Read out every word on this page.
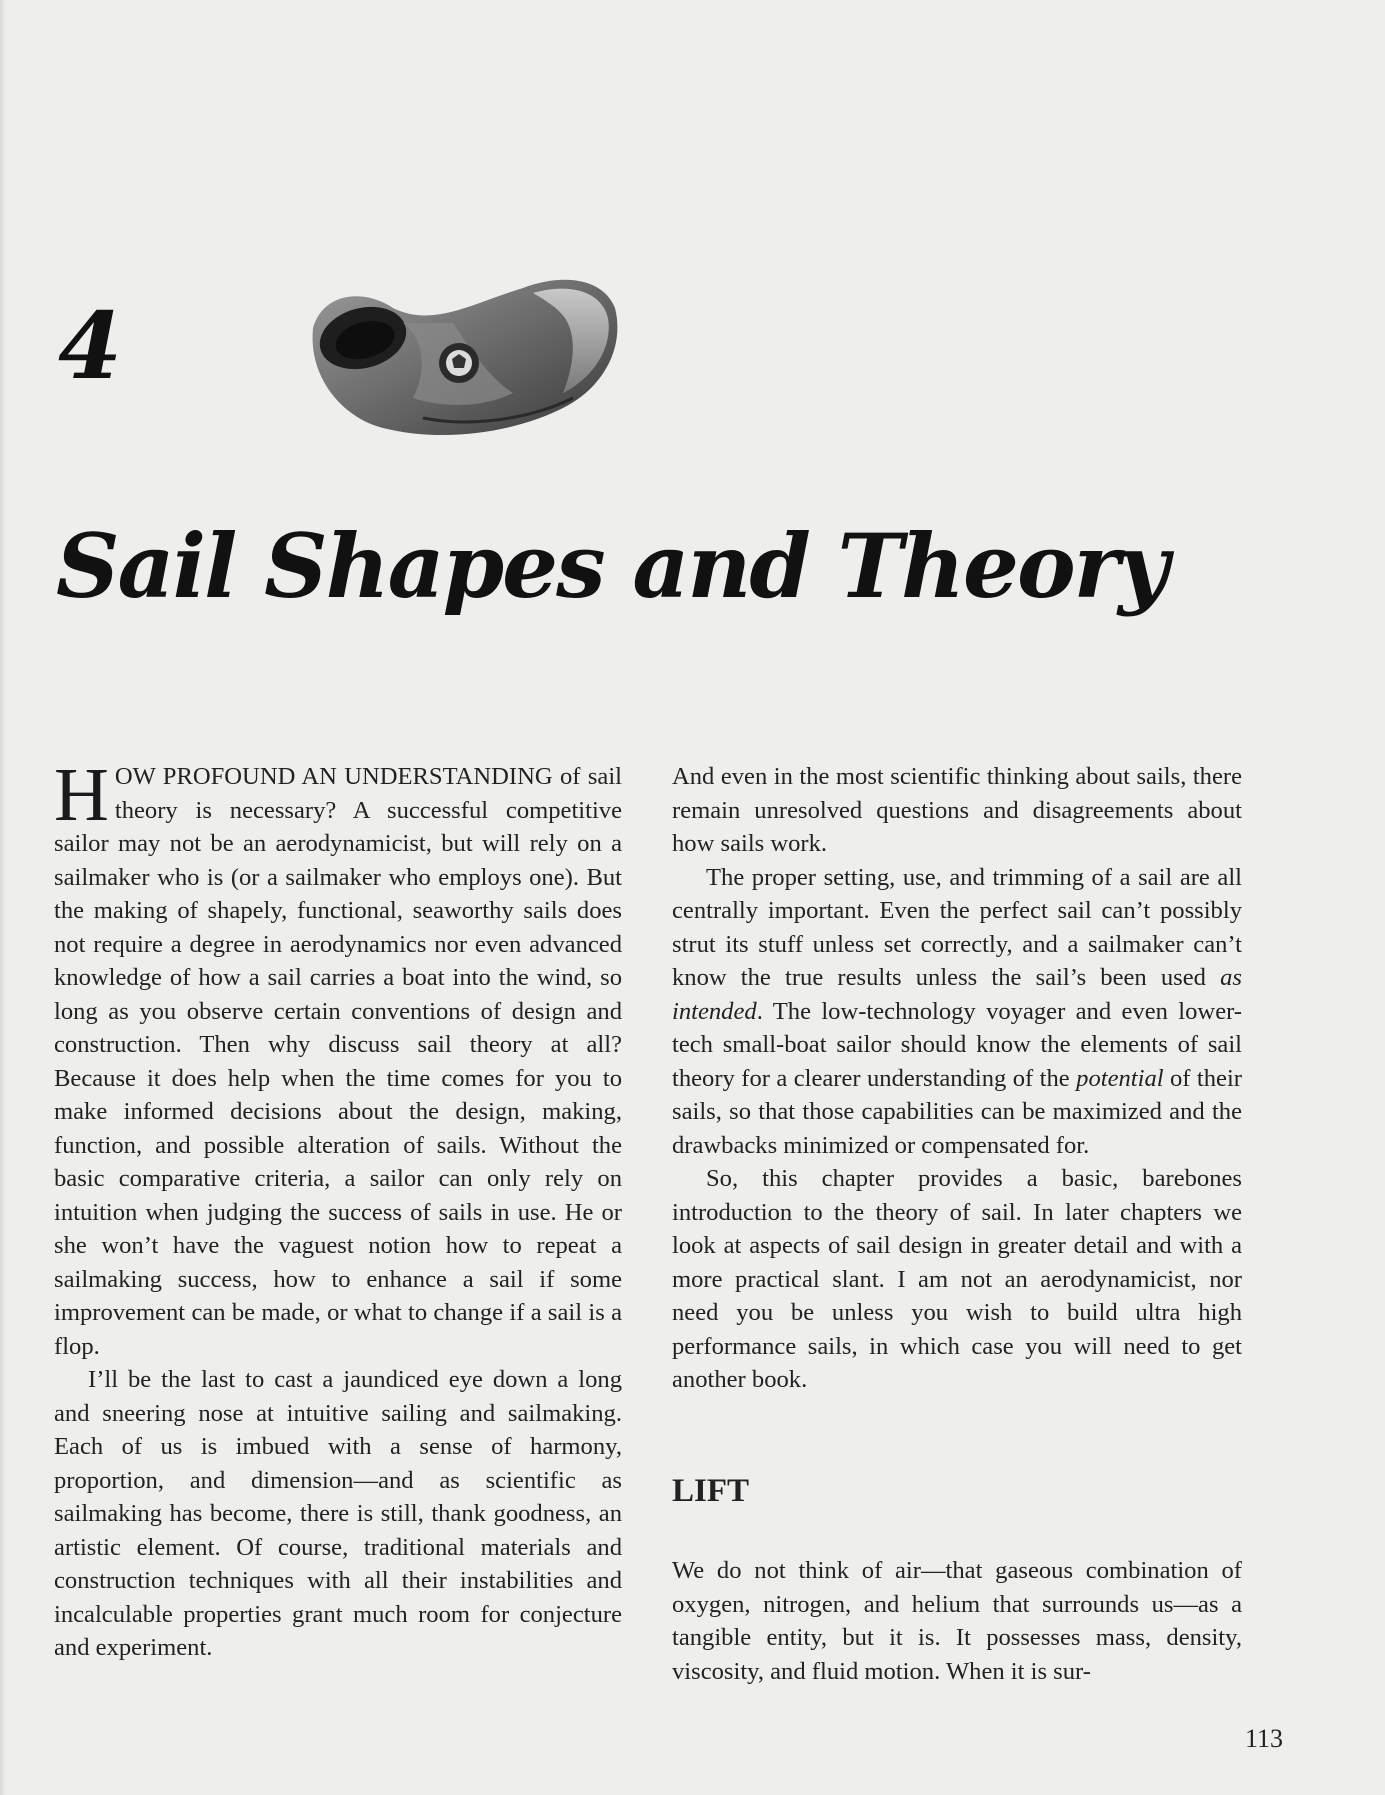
4
Sail Shapes and Theory

HOW PROFOUND AN UNDERSTANDING of sail theory is necessary? A successful competitive sailor may not be an aerodynamicist, but will rely on a sailmaker who is (or a sailmaker who employs one). But the making of shapely, functional, seaworthy sails does not require a degree in aerodynamics nor even advanced knowledge of how a sail carries a boat into the wind, so long as you observe certain conventions of design and construction. Then why discuss sail theory at all? Because it does help when the time comes for you to make informed decisions about the design, making, function, and possible alteration of sails. Without the basic comparative criteria, a sailor can only rely on intuition when judging the success of sails in use. He or she won’t have the vaguest notion how to repeat a sailmaking success, how to enhance a sail if some improvement can be made, or what to change if a sail is a flop.

I’ll be the last to cast a jaundiced eye down a long and sneering nose at intuitive sailing and sailmaking. Each of us is imbued with a sense of harmony, proportion, and dimension—and as scientific as sailmaking has become, there is still, thank goodness, an artistic element. Of course, traditional materials and construction techniques with all their instabilities and incalculable properties grant much room for conjecture and experiment.

And even in the most scientific thinking about sails, there remain unresolved questions and disagreements about how sails work.

The proper setting, use, and trimming of a sail are all centrally important. Even the perfect sail can’t possibly strut its stuff unless set correctly, and a sailmaker can’t know the true results unless the sail’s been used as intended. The low-technology voyager and even lower-tech small-boat sailor should know the elements of sail theory for a clearer understanding of the potential of their sails, so that those capabilities can be maximized and the drawbacks minimized or compensated for.

So, this chapter provides a basic, barebones introduction to the theory of sail. In later chapters we look at aspects of sail design in greater detail and with a more practical slant. I am not an aerodynamicist, nor need you be unless you wish to build ultra high performance sails, in which case you will need to get another book.

LIFT

We do not think of air—that gaseous combination of oxygen, nitrogen, and helium that surrounds us—as a tangible entity, but it is. It possesses mass, density, viscosity, and fluid motion. When it is sur-

113
